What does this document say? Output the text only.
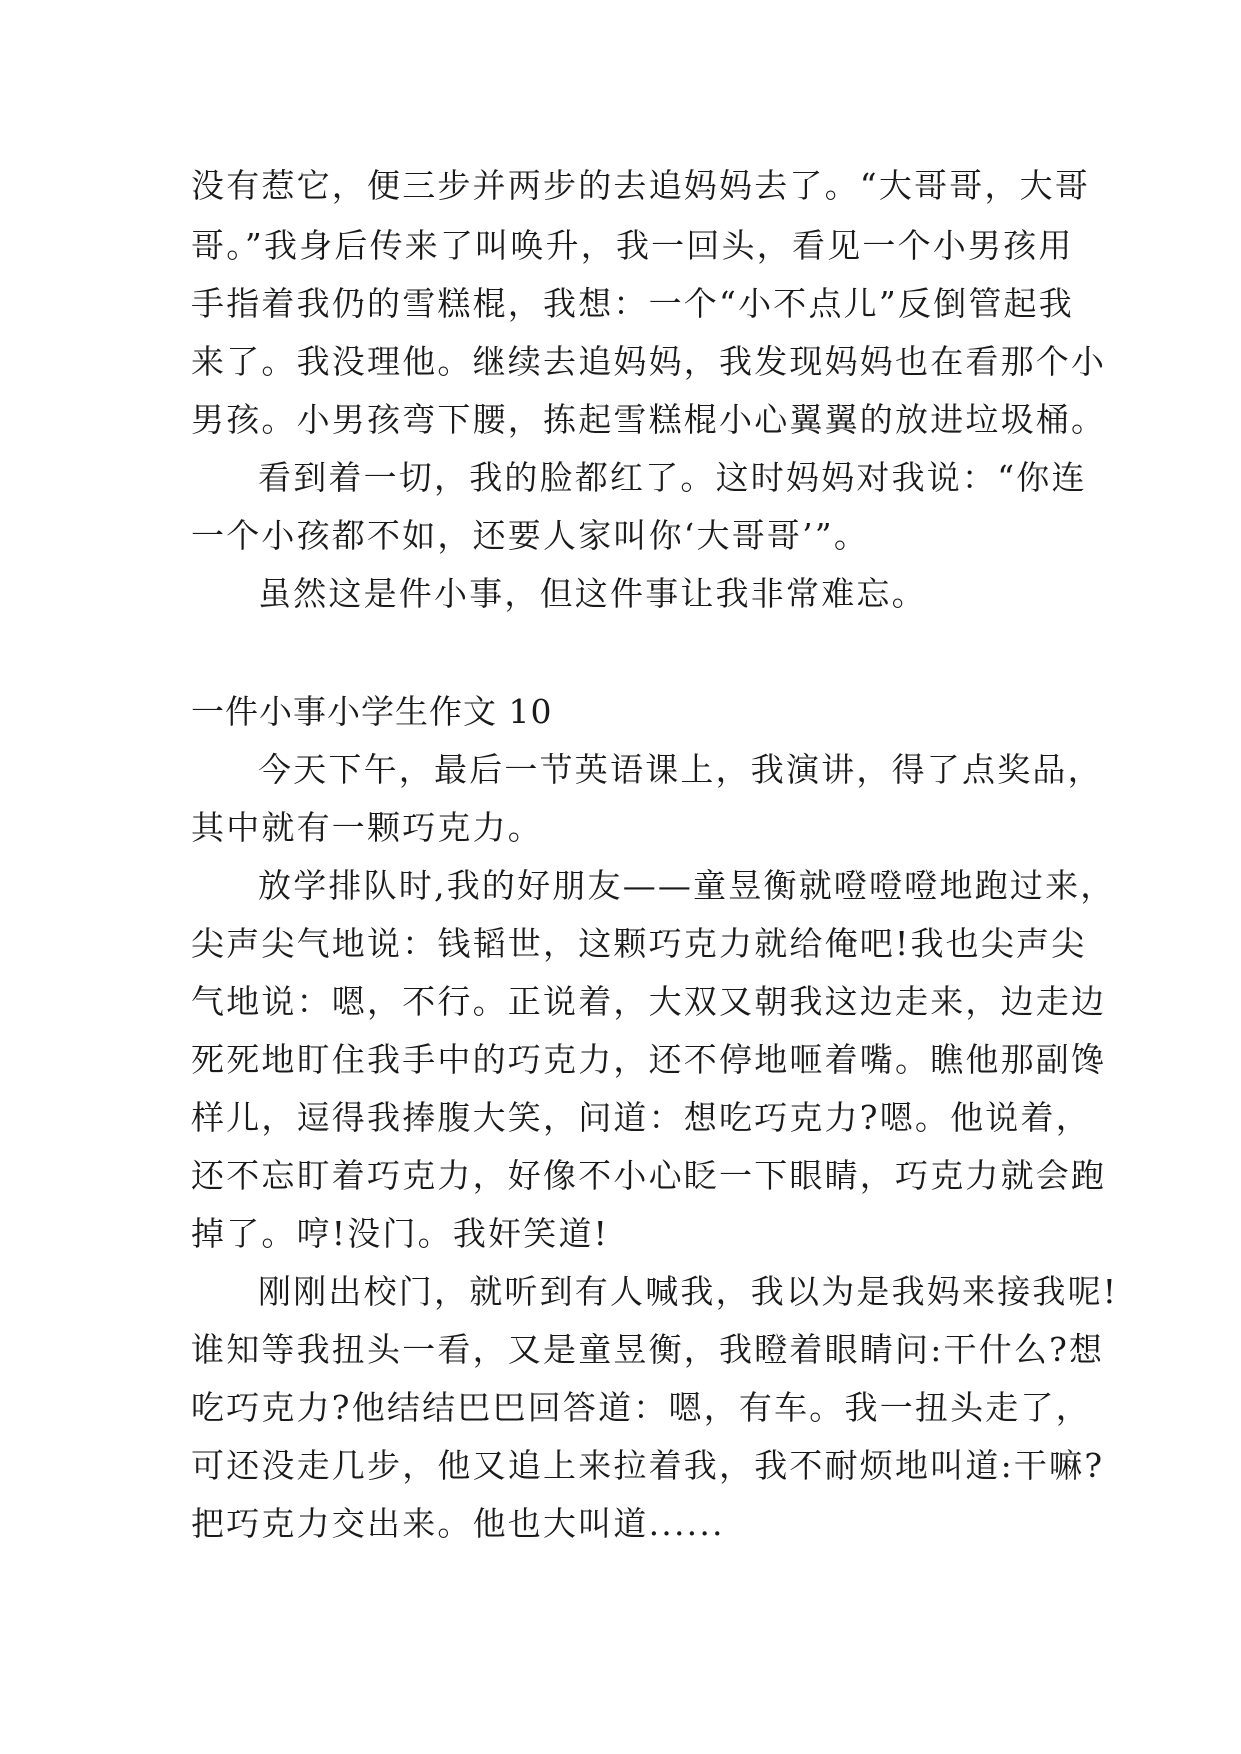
没有惹它，便三步并两步的去追妈妈去了。“大哥哥，大哥
哥。”我身后传来了叫唤升，我一回头，看见一个小男孩用
手指着我仍的雪糕棍，我想：一个“小不点儿”反倒管起我
来了。我没理他。继续去追妈妈，我发现妈妈也在看那个小
男孩。小男孩弯下腰，拣起雪糕棍小心翼翼的放进垃圾桶。
看到着一切，我的脸都红了。这时妈妈对我说：“你连
一个小孩都不如，还要人家叫你‘大哥哥’”。
虽然这是件小事，但这件事让我非常难忘。
一件小事小学生作文 10
今天下午，最后一节英语课上，我演讲，得了点奖品，
其中就有一颗巧克力。
放学排队时,我的好朋友——童昱衡就噔噔噔地跑过来，
尖声尖气地说：钱韬世，这颗巧克力就给俺吧!我也尖声尖
气地说：嗯，不行。正说着，大双又朝我这边走来，边走边
死死地盯住我手中的巧克力，还不停地咂着嘴。瞧他那副馋
样儿，逗得我捧腹大笑，问道：想吃巧克力?嗯。他说着，
还不忘盯着巧克力，好像不小心眨一下眼睛，巧克力就会跑
掉了。哼!没门。我奸笑道!
刚刚出校门，就听到有人喊我，我以为是我妈来接我呢!
谁知等我扭头一看，又是童昱衡，我瞪着眼睛问:干什么?想
吃巧克力?他结结巴巴回答道：嗯，有车。我一扭头走了，
可还没走几步，他又追上来拉着我，我不耐烦地叫道:干嘛?
把巧克力交出来。他也大叫道......
